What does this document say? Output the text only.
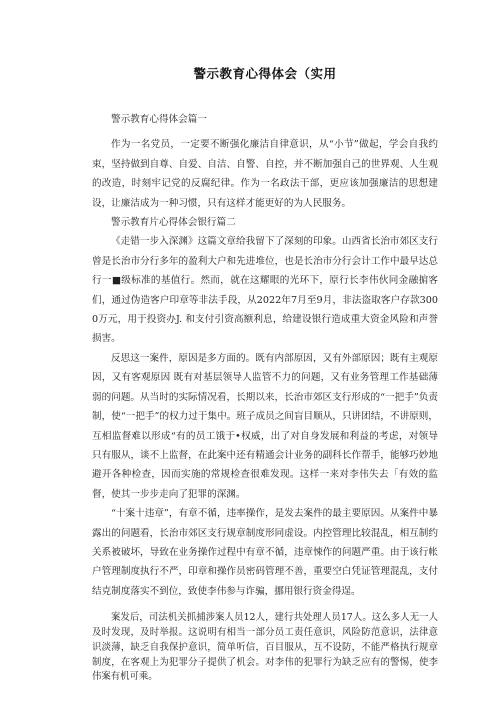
警示教育心得体会（实用

警示教育心得体会篇一

作为一名党员，一定要不断强化廉洁自律意识，从“小节”做起，学会自我约束，坚持做到自尊、自爱、自洁、自警、自控，并不断加强自己的世界观、人生观的改造，时刻牢记党的反腐纪律。作为一名政法干部，更应该加强廉洁的思想建设，让廉洁成为一种习惯，只有这样才能更好的为人民服务。

警示教育片心得体会银行篇二

《走错一步入深渊》这篇文章给我留下了深刻的印象。山西省长治市郊区支行曾是长治市分行多年的盈利大户和先进堆位，也是长治市分行会计工作中最早达总行一■级标准的基值行。然而，就在这耀眼的光环下，原行长李伟伙同金融掮客们，通过伪造客户印章等非法手段，从2022年7月至9月，非法盗取客户存款3000万元，用于投资办J. 和支付引资高额利息，给建设银行造成重大资金风险和声誉损害。

反思这一案件，原因是多方面的。既有内部原因，又有外部原因；既有主观原因，又有客观原因 既有对基层领导人监管不力的问题，又有业务管理工作基础薄弱的问题。从当时的实际情况看，长期以来，长治市郊区支行形成的“一把手”负责制，使“一把手”的权力过于集中。班子成员之间盲目顺从，只讲团结，不讲原则，互相监督难以形成“有的员工饿于•权威，出了对自身发展和利益的考虑，对领导只有服从，谈不上监督，在此案中还有精通会计业务的副科长作帮手，能够巧妙地避开各种检查，因而实施的常规检查很难发现。这样一来对李伟失去「有效的监督，使其一步步走向了犯罪的深渊。

“十案十违章”，有章不循，违率操作，是发去案件的最主要原因。从案件中暴露出的问题看，长治市郊区支行规章制度形同虚设。内控管理比较混乱，相互制约关系被破坏，导致在业务操作过程中有章不循，违章悚作的问题严重。由于该行帐户管理制度执行不严，印章和操作员密码管理不善，重要空白凭证管理混乱，支付结克制度落实不到位，致使李伟参与诈骗，挪用银行资金得逞。

案发后，司法机关抓捕涉案人员12人，建行共处理人员17人。这么多人无一人及时发现，及时举报。这说明有相当一部分员工责任意识，风险防范意识，法律意识淡薄，缺乏自我保护意识，简单听信，百目服从，互不设防，不能严格执行规章制度，在客观上为犯罪分子提供了机会。对李伟的犯罪行为缺乏应有的警惕，使李伟案有机可乘。
